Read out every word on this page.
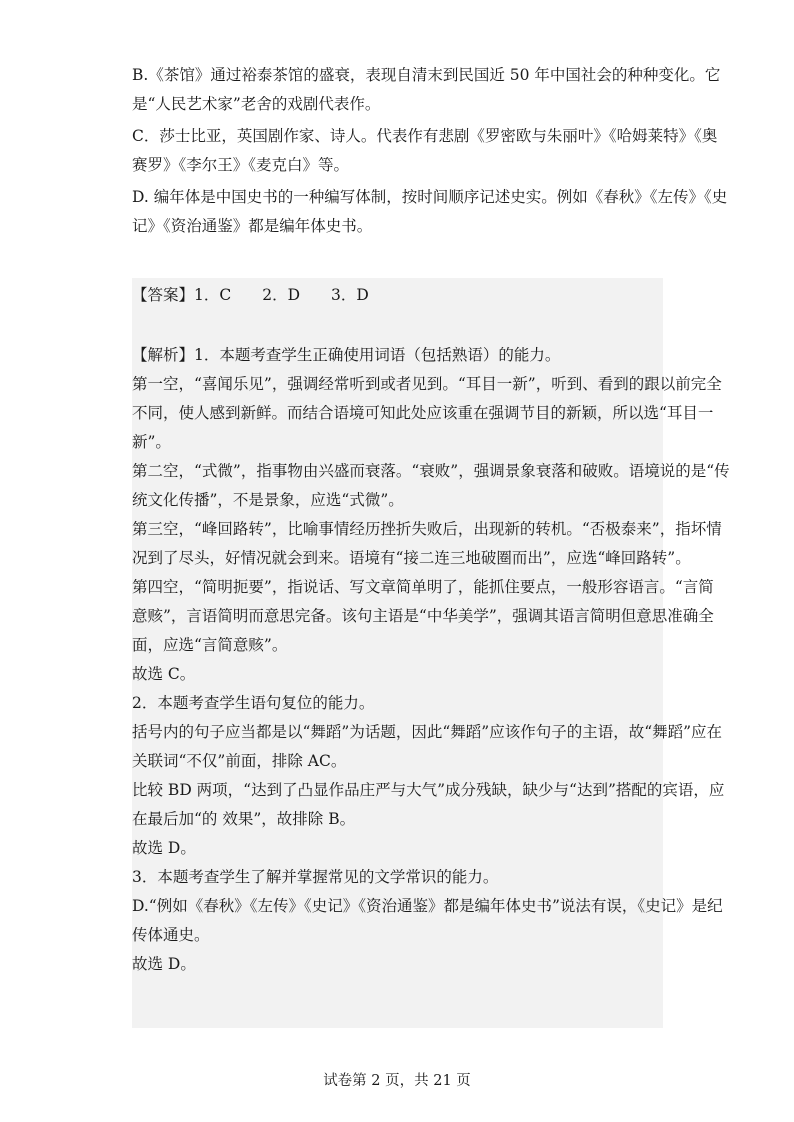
B.《茶馆》通过裕泰茶馆的盛衰，表现自清末到民国近 50 年中国社会的种种变化。它
是“人民艺术家”老舍的戏剧代表作。
C．莎士比亚，英国剧作家、诗人。代表作有悲剧《罗密欧与朱丽叶》《哈姆莱特》《奥
赛罗》《李尔王》《麦克白》等。
D. 编年体是中国史书的一种编写体制，按时间顺序记述史实。例如《春秋》《左传》《史
记》《资治通鉴》都是编年体史书。
【答案】1．C　　2．D　　3．D
【解析】1．本题考查学生正确使用词语（包括熟语）的能力。
第一空，“喜闻乐见”，强调经常听到或者见到。“耳目一新”，听到、看到的跟以前完全
不同，使人感到新鲜。而结合语境可知此处应该重在强调节目的新颖，所以选“耳目一
新”。
第二空，“式微”，指事物由兴盛而衰落。“衰败”，强调景象衰落和破败。语境说的是“传
统文化传播”，不是景象，应选“式微”。
第三空，“峰回路转”，比喻事情经历挫折失败后，出现新的转机。“否极泰来”，指坏情
况到了尽头，好情况就会到来。语境有“接二连三地破圈而出”，应选“峰回路转”。
第四空，“简明扼要”，指说话、写文章简单明了，能抓住要点，一般形容语言。“言简
意赅”，言语简明而意思完备。该句主语是“中华美学”，强调其语言简明但意思准确全
面，应选“言简意赅”。
故选 C。
2．本题考查学生语句复位的能力。
括号内的句子应当都是以“舞蹈”为话题，因此“舞蹈”应该作句子的主语，故“舞蹈”应在
关联词“不仅”前面，排除 AC。
比较 BD 两项，“达到了凸显作品庄严与大气”成分残缺，缺少与“达到”搭配的宾语，应
在最后加“的 效果”，故排除 B。
故选 D。
3．本题考查学生了解并掌握常见的文学常识的能力。
D.“例如《春秋》《左传》《史记》《资治通鉴》都是编年体史书”说法有误，《史记》是纪
传体通史。
故选 D。
试卷第 2 页，共 21 页
